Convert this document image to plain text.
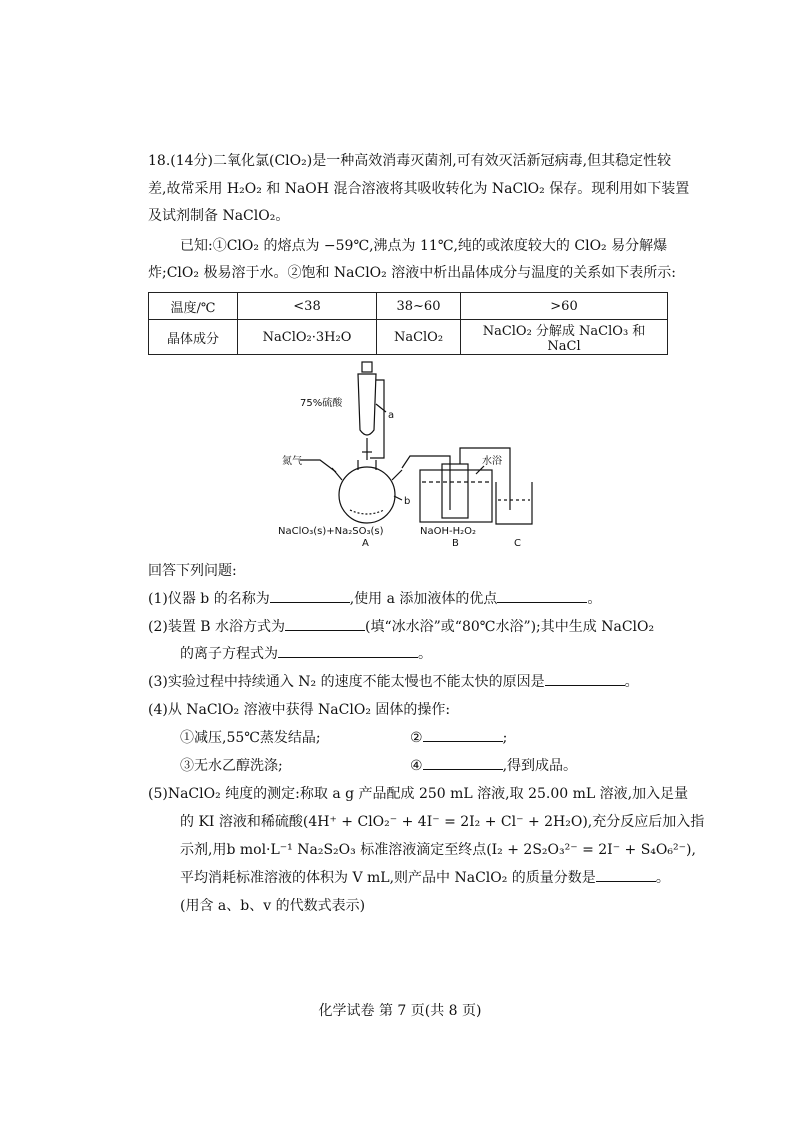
18.(14分)二氧化氯(ClO₂)是一种高效消毒灭菌剂,可有效灭活新冠病毒,但其稳定性较
差,故常采用 H₂O₂ 和 NaOH 混合溶液将其吸收转化为 NaClO₂ 保存。现利用如下装置
及试剂制备 NaClO₂。
已知:①ClO₂ 的熔点为 −59℃,沸点为 11℃,纯的或浓度较大的 ClO₂ 易分解爆
炸;ClO₂ 极易溶于水。②饱和 NaClO₂ 溶液中析出晶体成分与温度的关系如下表所示:
温度/℃	<38	38~60	>60
晶体成分	NaClO₂·3H₂O	NaClO₂	NaClO₂ 分解成 NaClO₃ 和 NaCl
75%硫酸
a
b
氮气	水浴
NaClO₃(s)+Na₂SO₃(s)	NaOH-H₂O₂
A	B	C
回答下列问题:
(1)仪器 b 的名称为	,使用 a 添加液体的优点	。
(2)装置 B 水浴方式为	(填“冰水浴”或“80℃水浴”);其中生成 NaClO₂
的离子方程式为	。
(3)实验过程中持续通入 N₂ 的速度不能太慢也不能太快的原因是	。
(4)从 NaClO₂ 溶液中获得 NaClO₂ 固体的操作:
①减压,55℃蒸发结晶;	②	;
③无水乙醇洗涤;	④	,得到成品。
(5)NaClO₂ 纯度的测定:称取 a g 产品配成 250 mL 溶液,取 25.00 mL 溶液,加入足量
的 KI 溶液和稀硫酸(4H⁺ + ClO₂⁻ + 4I⁻ = 2I₂ + Cl⁻ + 2H₂O),充分反应后加入指
示剂,用b mol·L⁻¹ Na₂S₂O₃ 标准溶液滴定至终点(I₂ + 2S₂O₃²⁻ = 2I⁻ + S₄O₆²⁻),
平均消耗标准溶液的体积为 V mL,则产品中 NaClO₂ 的质量分数是	。
(用含 a、b、v 的代数式表示)
化学试卷 第 7 页(共 8 页)
